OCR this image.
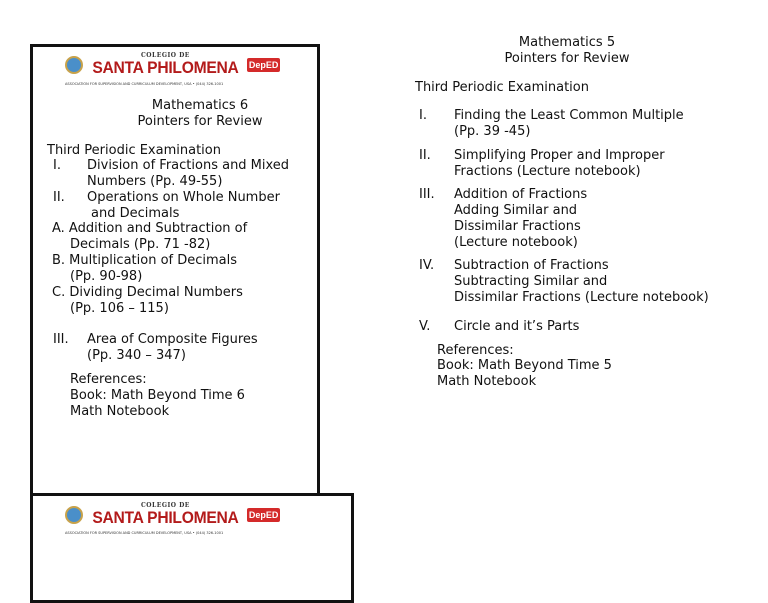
COLEGIO DE
SANTA PHILOMENA DepED
ASSOCIATION FOR SUPERVISION AND CURRICULUM DEVELOPMENT, USA • (044) 326-1001
Mathematics 6
Pointers for Review
Third Periodic Examination
I. Division of Fractions and Mixed
Numbers (Pp. 49-55)
II. Operations on Whole Number
and Decimals
A. Addition and Subtraction of
Decimals (Pp. 71 -82)
B. Multiplication of Decimals
(Pp. 90-98)
C. Dividing Decimal Numbers
(Pp. 106 – 115)
III. Area of Composite Figures
(Pp. 340 – 347)
References:
Book: Math Beyond Time 6
Math Notebook
COLEGIO DE
SANTA PHILOMENA DepED
ASSOCIATION FOR SUPERVISION AND CURRICULUM DEVELOPMENT, USA • (044) 326-1001
Mathematics 5
Pointers for Review
Third Periodic Examination
I. Finding the Least Common Multiple
(Pp. 39 -45)
II. Simplifying Proper and Improper
Fractions (Lecture notebook)
III. Addition of Fractions
Adding Similar and
Dissimilar Fractions
(Lecture notebook)
IV. Subtraction of Fractions
Subtracting Similar and
Dissimilar Fractions (Lecture notebook)
V. Circle and it’s Parts
References:
Book: Math Beyond Time 5
Math Notebook
